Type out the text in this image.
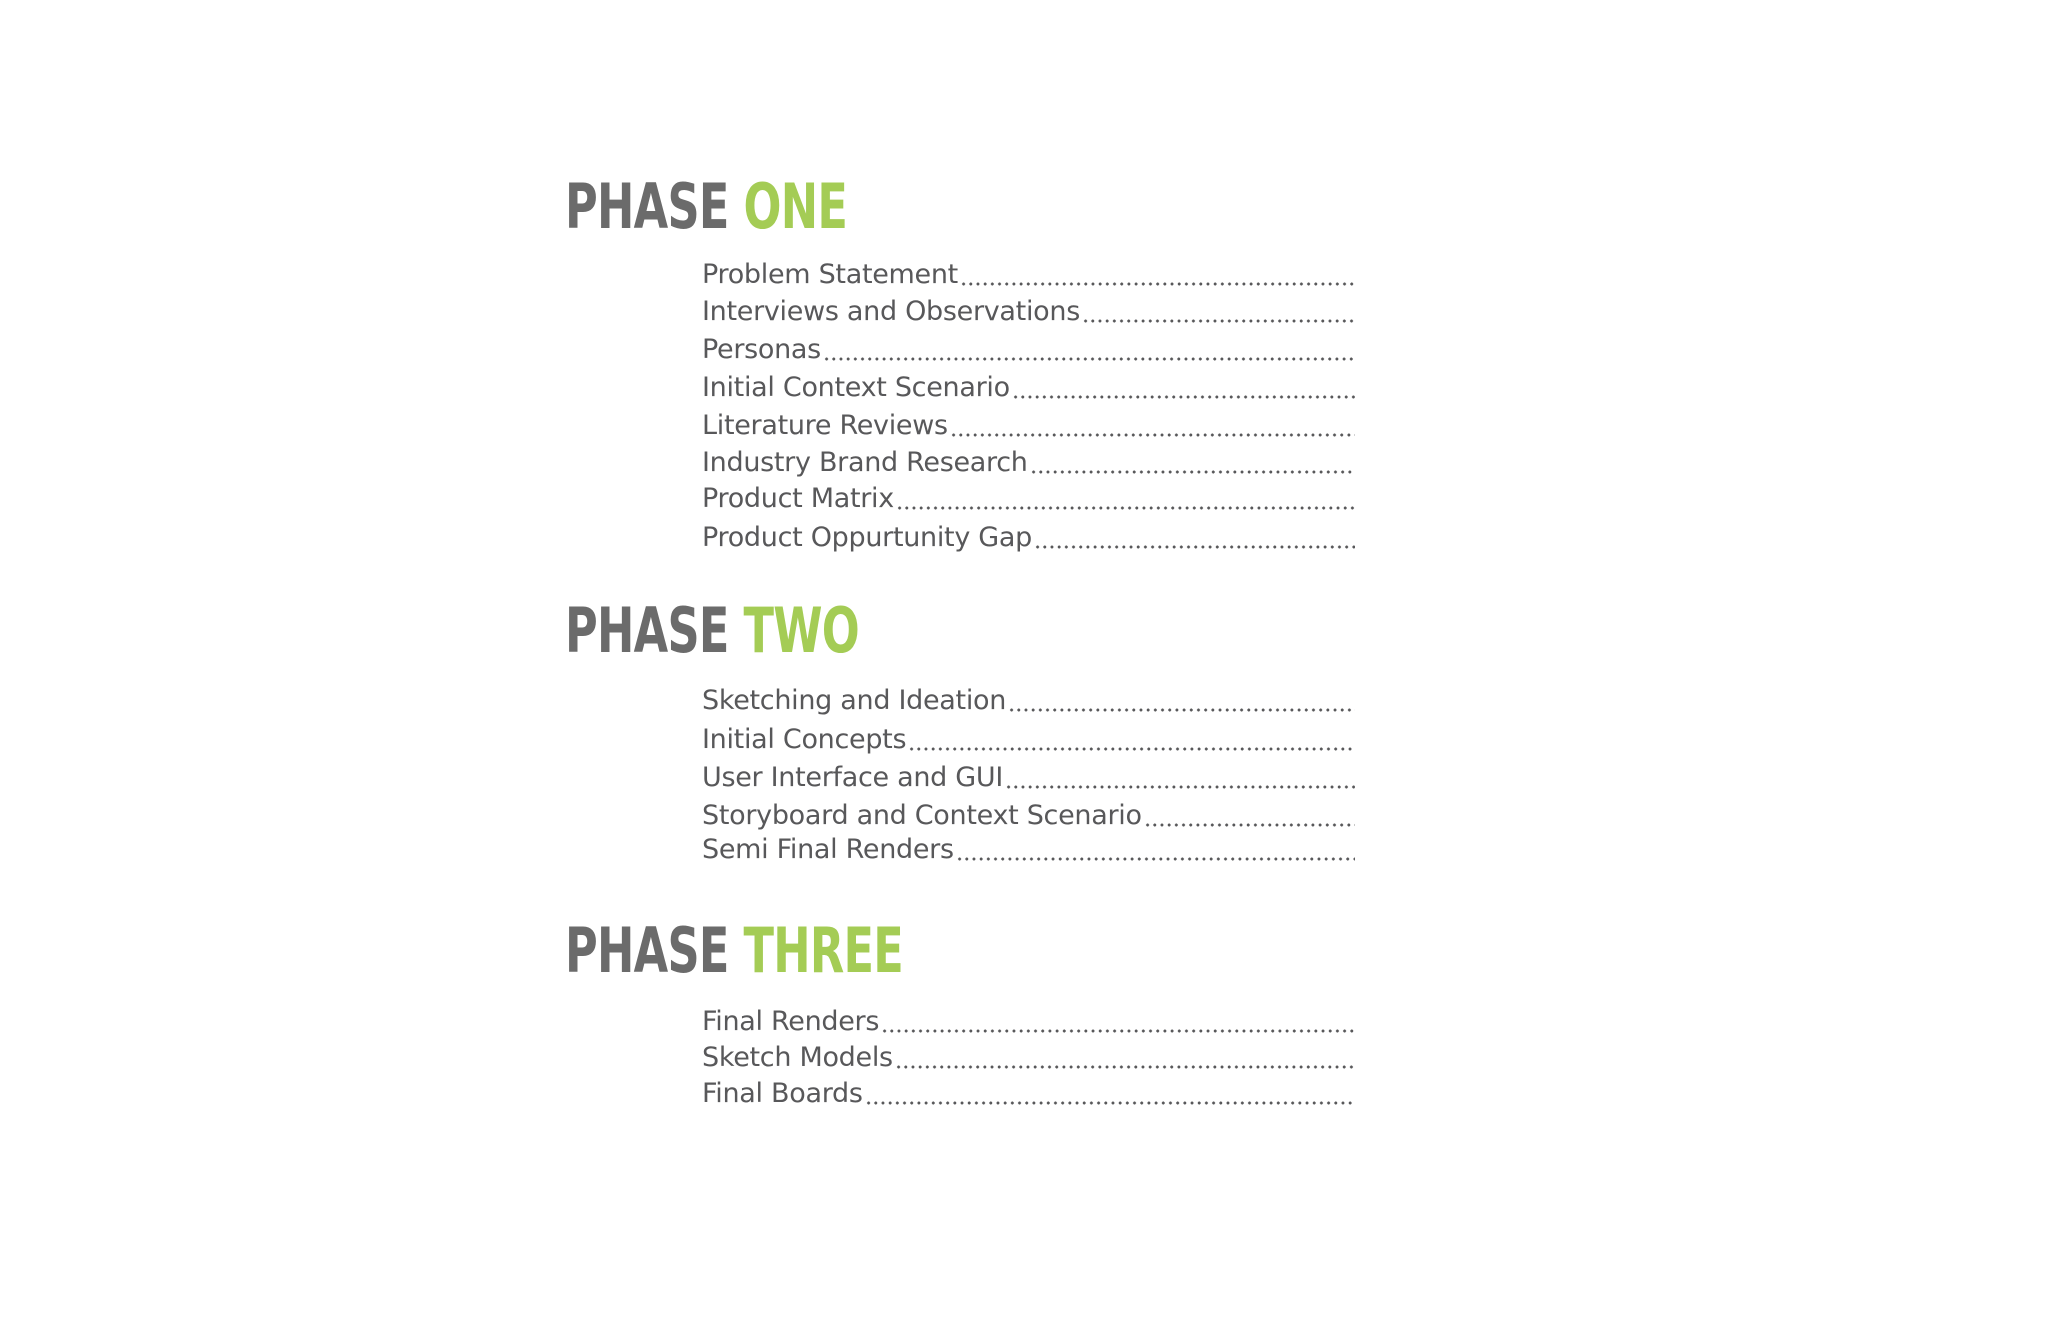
PHASE ONE
Problem Statement
Interviews and Observations
Personas
Initial Context Scenario
Literature Reviews
Industry Brand Research
Product Matrix
Product Oppurtunity Gap
PHASE TWO
Sketching and Ideation
Initial Concepts
User Interface and GUI
Storyboard and Context Scenario
Semi Final Renders
PHASE THREE
Final Renders
Sketch Models
Final Boards
